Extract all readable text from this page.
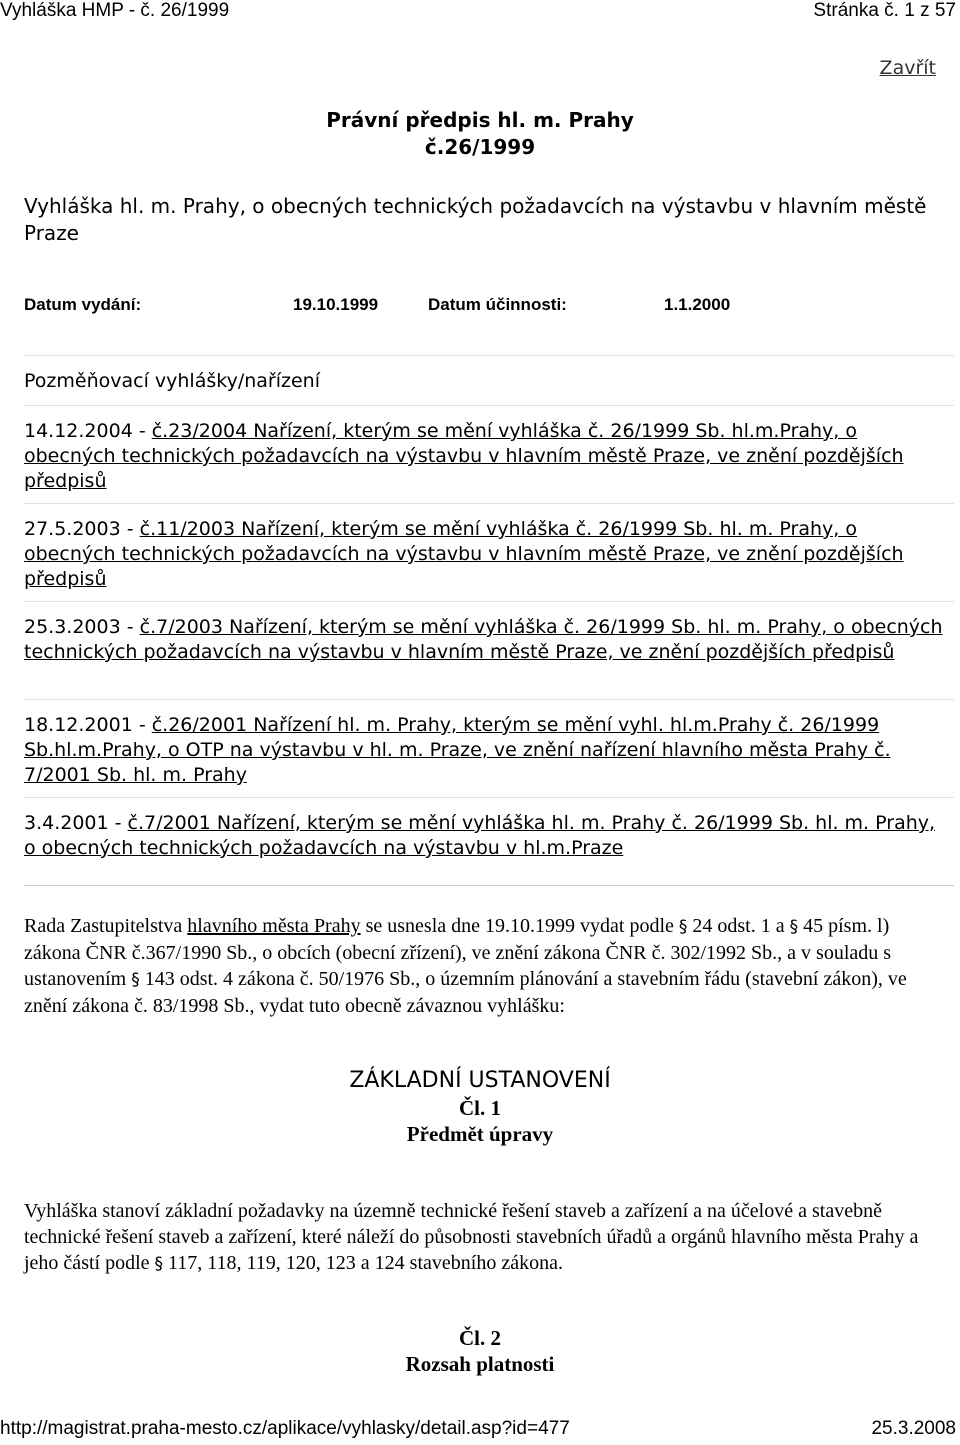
Vyhláška HMP - č. 26/1999	Stránka č. 1 z 57
Zavřít
Právní předpis hl. m. Prahy
č.26/1999
Vyhláška hl. m. Prahy, o obecných technických požadavcích na výstavbu v hlavním městě Praze
Datum vydání:	19.10.1999	Datum účinnosti:	1.1.2000
Pozměňovací vyhlášky/nařízení
14.12.2004 - č.23/2004 Nařízení, kterým se mění vyhláška č. 26/1999 Sb. hl.m.Prahy, o obecných technických požadavcích na výstavbu v hlavním městě Praze, ve znění pozdějších předpisů
27.5.2003 - č.11/2003 Nařízení, kterým se mění vyhláška č. 26/1999 Sb. hl. m. Prahy, o obecných technických požadavcích na výstavbu v hlavním městě Praze, ve znění pozdějších předpisů
25.3.2003 - č.7/2003 Nařízení, kterým se mění vyhláška č. 26/1999 Sb. hl. m. Prahy, o obecných technických požadavcích na výstavbu v hlavním městě Praze, ve znění pozdějších předpisů
18.12.2001 - č.26/2001 Nařízení hl. m. Prahy, kterým se mění vyhl. hl.m.Prahy č. 26/1999 Sb.hl.m.Prahy, o OTP na výstavbu v hl. m. Praze, ve znění nařízení hlavního města Prahy č. 7/2001 Sb. hl. m. Prahy
3.4.2001 - č.7/2001 Nařízení, kterým se mění vyhláška hl. m. Prahy č. 26/1999 Sb. hl. m. Prahy, o obecných technických požadavcích na výstavbu v hl.m.Praze
Rada Zastupitelstva hlavního města Prahy se usnesla dne 19.10.1999 vydat podle § 24 odst. 1 a § 45 písm. l) zákona ČNR č.367/1990 Sb., o obcích (obecní zřízení), ve znění zákona ČNR č. 302/1992 Sb., a v souladu s ustanovením § 143 odst. 4 zákona č. 50/1976 Sb., o územním plánování a stavebním řádu (stavební zákon), ve znění zákona č. 83/1998 Sb., vydat tuto obecně závaznou vyhlášku:
ZÁKLADNÍ USTANOVENÍ
Čl. 1
Předmět úpravy
Vyhláška stanoví základní požadavky na územně technické řešení staveb a zařízení a na účelové a stavebně technické řešení staveb a zařízení, které náleží do působnosti stavebních úřadů a orgánů hlavního města Prahy a jeho částí podle § 117, 118, 119, 120, 123 a 124 stavebního zákona.
Čl. 2
Rozsah platnosti
http://magistrat.praha-mesto.cz/aplikace/vyhlasky/detail.asp?id=477	25.3.2008
